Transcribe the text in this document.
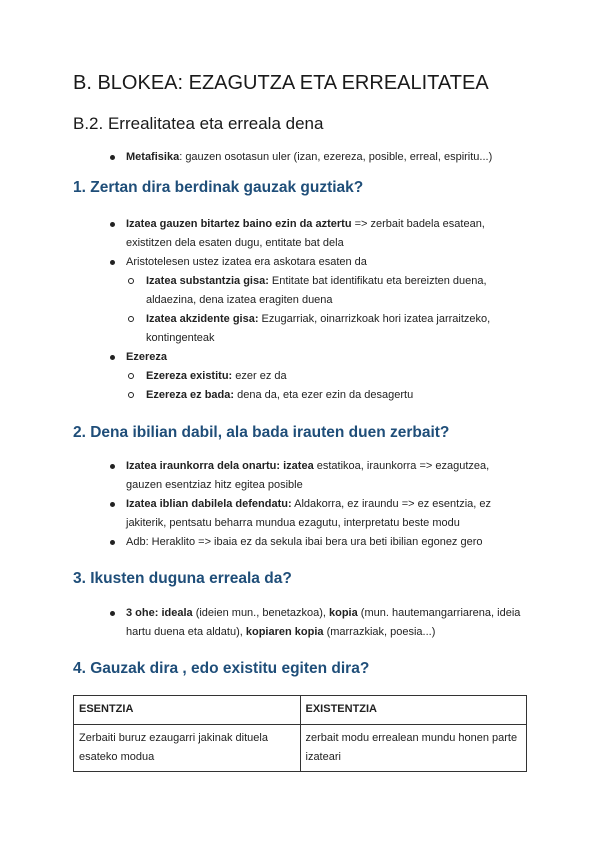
B. BLOKEA: EZAGUTZA ETA ERREALITATEA
B.2. Errealitatea eta erreala dena
Metafisika: gauzen osotasun uler (izan, ezereza, posible, erreal, espiritu...)
1. Zertan dira berdinak gauzak guztiak?
Izatea gauzen bitartez baino ezin da aztertu => zerbait badela esatean, existitzen dela esaten dugu, entitate bat dela
Aristotelesen ustez izatea era askotara esaten da
Izatea substantzia gisa: Entitate bat identifikatu eta bereizten duena, aldaezina, dena izatea eragiten duena
Izatea akzidente gisa: Ezugarriak, oinarrizkoak hori izatea jarraitzeko, kontingenteak
Ezereza
Ezereza existitu: ezer ez da
Ezereza ez bada: dena da, eta ezer ezin da desagertu
2. Dena ibilian dabil, ala bada irauten duen zerbait?
Izatea iraunkorra dela onartu: izatea estatikoa, iraunkorra => ezagutzea, gauzen esentziaz hitz egitea posible
Izatea iblian dabilela defendatu: Aldakorra, ez iraundu => ez esentzia, ez jakiterik, pentsatu beharra mundua ezagutu, interpretatu beste modu
Adb: Heraklito => ibaia ez da sekula ibai bera ura beti ibilian egonez gero
3. Ikusten duguna erreala da?
3 ohe: ideala (ideien mun., benetazkoa), kopia (mun. hautemangarriarena, ideia hartu duena eta aldatu), kopiaren kopia (marrazkiak, poesia...)
4. Gauzak dira , edo existitu egiten dira?
ESENTZIA	EXISTENTZIA
Zerbaiti buruz ezaugarri jakinak dituela esateko modua	zerbait modu errealean mundu honen parte izateari
